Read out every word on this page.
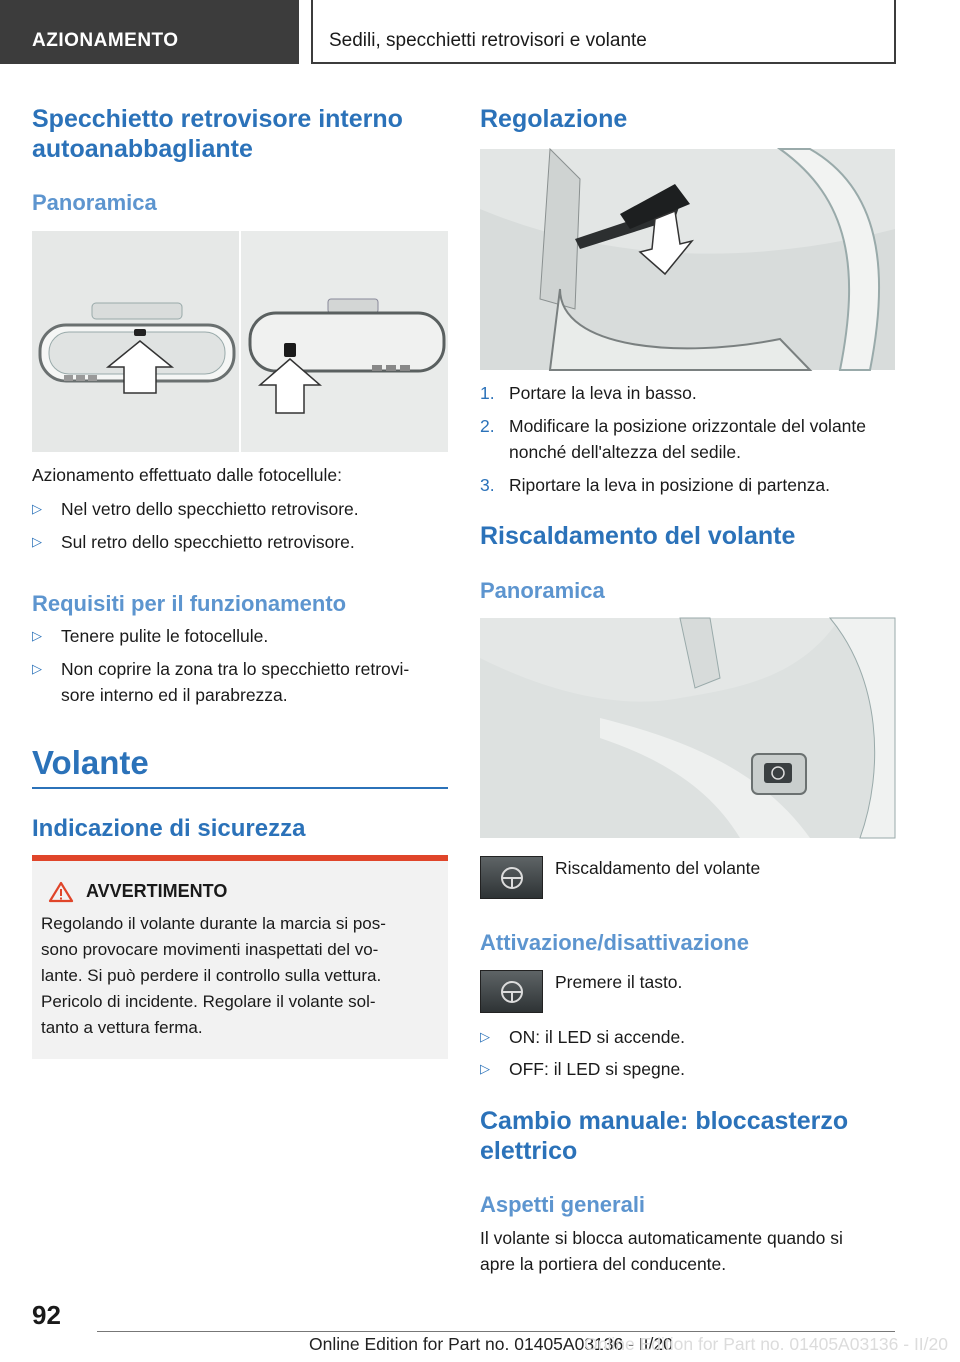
AZIONAMENTO	Sedili, specchietti retrovisori e volante

Specchietto retrovisore interno autoanabbagliante

Panoramica

Azionamento effettuato dalle fotocellule:

▷ Nel vetro dello specchietto retrovisore.
▷ Sul retro dello specchietto retrovisore.

Requisiti per il funzionamento

▷ Tenere pulite le fotocellule.
▷ Non coprire la zona tra lo specchietto retrovi-
sore interno ed il parabrezza.

Volante

Indicazione di sicurezza

AVVERTIMENTO

Regolando il volante durante la marcia si pos-

sono provocare movimenti inaspettati del vo-

lante. Si può perdere il controllo sulla vettura.

Pericolo di incidente. Regolare il volante sol-

tanto a vettura ferma.

Regolazione

1. Portare la leva in basso.
2. Modificare la posizione orizzontale del volante
nonché dell'altezza del sedile.
3. Riportare la leva in posizione di partenza.

Riscaldamento del volante

Panoramica

Riscaldamento del volante

Attivazione/disattivazione

Premere il tasto.

▷ ON: il LED si accende.
▷ OFF: il LED si spegne.

Cambio manuale: bloccasterzo

elettrico

Aspetti generali

Il volante si blocca automaticamente quando si

apre la portiera del conducente.

92
Online Edition for Part no. 01405A03136 - II/20
Online Edition for Part no. 01405A03136 - II/20
